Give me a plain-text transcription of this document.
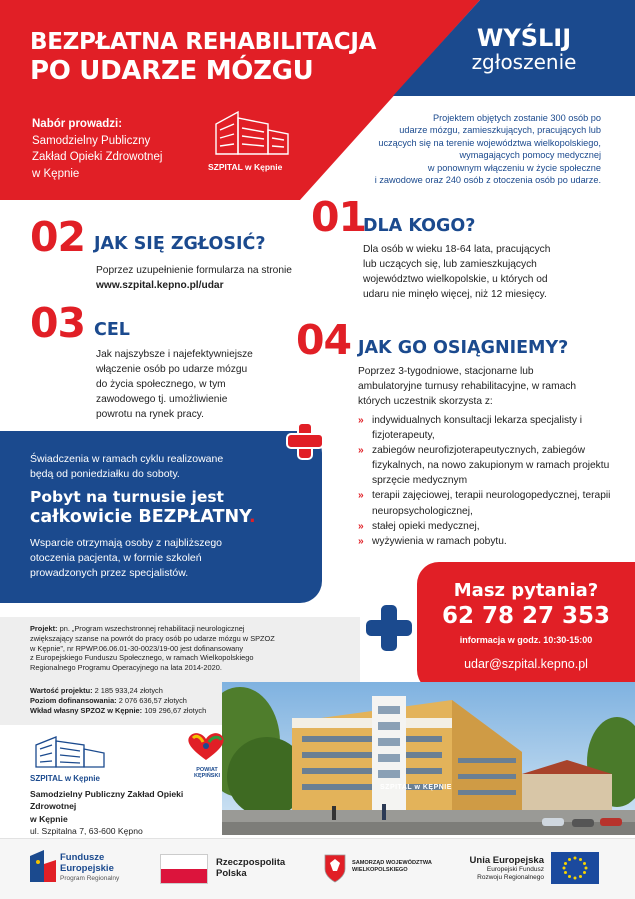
BEZPŁATNA REHABILITACJA
PO UDARZE MÓZGU
Nabór prowadzi:
Samodzielny Publiczny
Zakład Opieki Zdrowotnej
w Kępnie
SZPITAL w Kępnie
WYŚLIJ
zgłoszenie
Projektem objętych zostanie 300 osób po
udarze mózgu, zamieszkujących, pracujących lub
uczących się na terenie województwa wielkopolskiego,
wymagających pomocy medycznej
w ponownym włączeniu w życie społeczne
i zawodowe oraz 240 osób z otoczenia osób po udarze.
01
DLA KOGO?
Dla osób w wieku 18-64 lata, pracujących
lub uczących się, lub zamieszkujących
województwo wielkopolskie, u których od
udaru nie minęło więcej, niż 12 miesięcy.
02 JAK SIĘ ZGŁOSIĆ?
Poprzez uzupełnienie formularza na stronie
www.szpital.kepno.pl/udar
03 CEL
Jak najszybsze i najefektywniejsze
włączenie osób po udarze mózgu
do życia społecznego, w tym
zawodowego tj. umożliwienie
powrotu na rynek pracy.
04 JAK GO OSIĄGNIEMY?
Poprzez 3-tygodniowe, stacjonarne lub
ambulatoryjne turnusy rehabilitacyjne, w ramach
których uczestnik skorzysta z:
» indywidualnych konsultacji lekarza specjalisty i fizjoterapeuty,
» zabiegów neurofizjoterapeutycznych, zabiegów fizykalnych, na nowo zakupionym w ramach projektu sprzęcie medycznym
» terapii zajęciowej, terapii neurologopedycznej, terapii neuropsychologicznej,
» stałej opieki medycznej,
» wyżywienia w ramach pobytu.
Świadczenia w ramach cyklu realizowane
będą od poniedziałku do soboty.
Pobyt na turnusie jest
całkowicie BEZPŁATNY.
Wsparcie otrzymają osoby z najbliższego
otoczenia pacjenta, w formie szkoleń
prowadzonych przez specjalistów.
Projekt: pn. „Program wszechstronnej rehabilitacji neurologicznej
zwiększający szanse na powrót do pracy osób po udarze mózgu w SPZOZ
w Kępnie”, nr RPWP.06.06.01-30-0023/19-00 jest dofinansowany
z Europejskiego Funduszu Społecznego, w ramach Wielkopolskiego
Regionalnego Programu Operacyjnego na lata 2014-2020.
Wartość projektu: 2 185 933,24 złotych
Poziom dofinansowania: 2 076 636,57 złotych
Wkład własny SPZOZ w Kępnie: 109 296,67 złotych
Masz pytania?
62 78 27 353
informacja w godz. 10:30-15:00
udar@szpital.kepno.pl
SZPITAL w KĘPNIE
SZPITAL w Kępnie
POWIAT
KĘPIŃSKI
Samodzielny Publiczny Zakład Opieki Zdrowotnej
w Kępnie
ul. Szpitalna 7, 63-600 Kępno
Fundusze
Europejskie
Program Regionalny
Rzeczpospolita
Polska
SAMORZĄD WOJEWÓDZTWA
WIELKOPOLSKIEGO
Unia Europejska
Europejski Fundusz
Rozwoju Regionalnego
